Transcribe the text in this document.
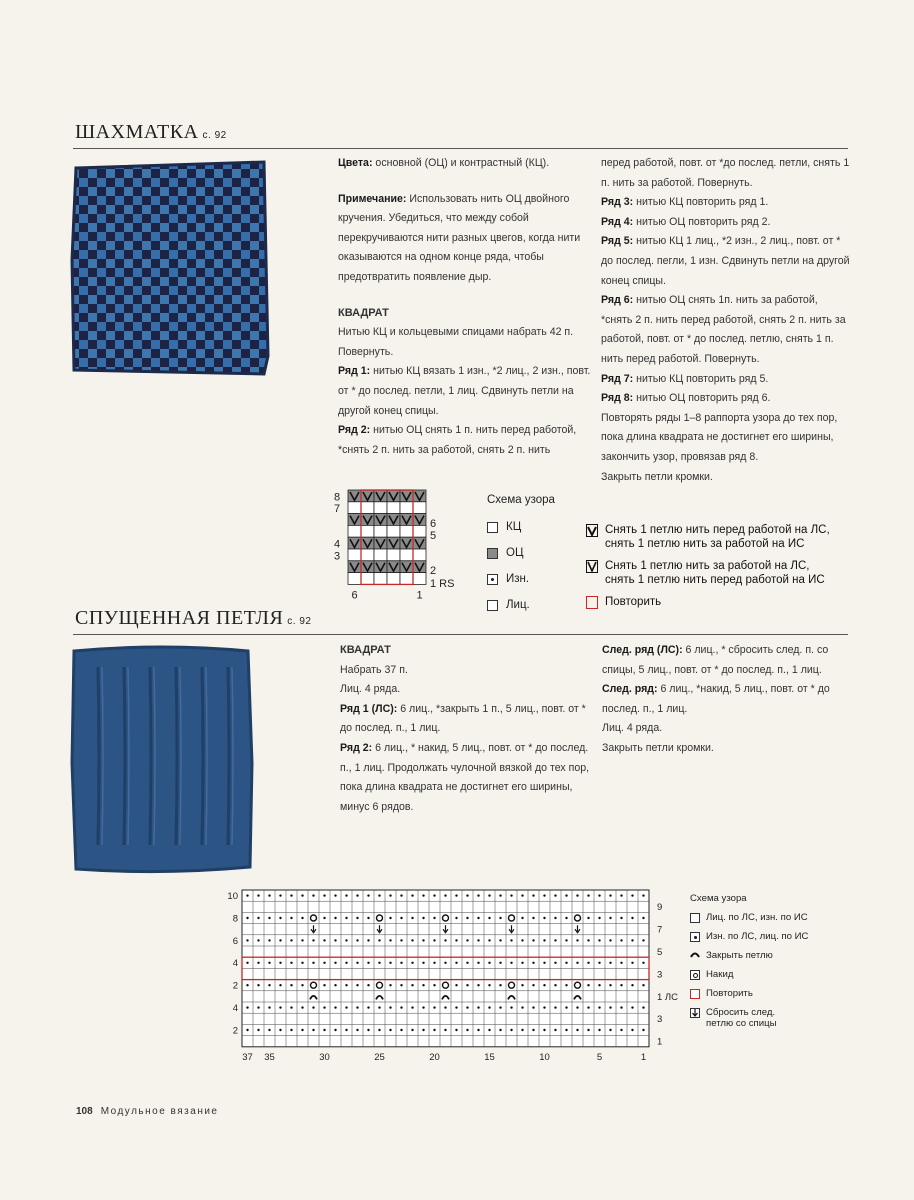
ШАХМАТКА с. 92

Цвета: основной (ОЦ) и контрастный (КЦ).

Примечание: Использовать нить ОЦ двойного кручения. Убедиться, что между собой перекручиваются нити разных цвегов, когда нити оказываются на одном конце ряда, чтобы предотвратить появление дыр.

КВАДРАТ

Нитью КЦ и кольцевыми спицами набрать 42 п. Повернуть.

Ряд 1: нитью КЦ вязать 1 изн., *2 лиц., 2 изн., повт. от * до послед. петли, 1 лиц. Сдвинуть петли на другой конец спицы.

Ряд 2: нитью ОЦ снять 1 п. нить перед работой, *снять 2 п. нить за работой, снять 2 п. нить

перед работой, повт. от *до послед. петли, снять 1 п. нить за работой. Повернуть.

Ряд 3: нитью КЦ повторить ряд 1.

Ряд 4: нитью ОЦ повторить ряд 2.

Ряд 5: нитью КЦ 1 лиц., *2 изн., 2 лиц., повт. от * до послед. пегли, 1 изн. Сдвинуть петли на другой конец спицы.

Ряд 6: нитью ОЦ снять 1п. нить за работой, *снять 2 п. нить перед работой, снять 2 п. нить за работой, повт. от * до послед. петлю, снять 1 п. нить перед работой. Повернуть.

Ряд 7: нитью КЦ повторить ряд 5.

Ряд 8: нитью ОЦ повторить ряд 6.

Повторять ряды 1–8 раппорта узора до тех пор, пока длина квадрата не достигнет его ширины, закончить узор, провязав ряд 8.

Закрыть петли кромки.

8
7
4
3
6
5
2
1 RS
6	1
Схема узора
КЦ
ОЦ
Изн.
Лиц.
Снять 1 петлю нить перед работой на ЛС,
снять 1 петлю нить за работой на ИС
Снять 1 петлю нить за работой на ЛС,
снять 1 петлю нить перед работой на ИС
Повторить
СПУЩЕННАЯ ПЕТЛЯ с. 92

КВАДРАТ

Набрать 37 п.

Лиц. 4 ряда.

Ряд 1 (ЛС): 6 лиц., *закрыть 1 п., 5 лиц., повт. от * до послед. п., 1 лиц.

Ряд 2: 6 лиц., * накид, 5 лиц., повт. от * до послед. п., 1 лиц. Продолжать чулочной вязкой до тех пор, пока длина квадрата не достигнет его ширины, минус 6 рядов.

След. ряд (ЛС): 6 лиц., * сбросить след. п. со спицы, 5 лиц., повт. от * до послед. п., 1 лиц.

След. ряд: 6 лиц., *накид, 5 лиц., повт. от * до послед. п., 1 лиц.

Лиц. 4 ряда.

Закрыть петли кромки.

10
8
6
4
2
4
2
9
7
5
3
1 ЛС
3
1
37 35	30	25	20	15	10	5	1
Схема узора
Лиц. по ЛС, изн. по ИС
Изн. по ЛС, лиц. по ИС
Закрыть петлю
Накид
Повторить
Сбросить след.
петлю со спицы
108 Модульное вязание
